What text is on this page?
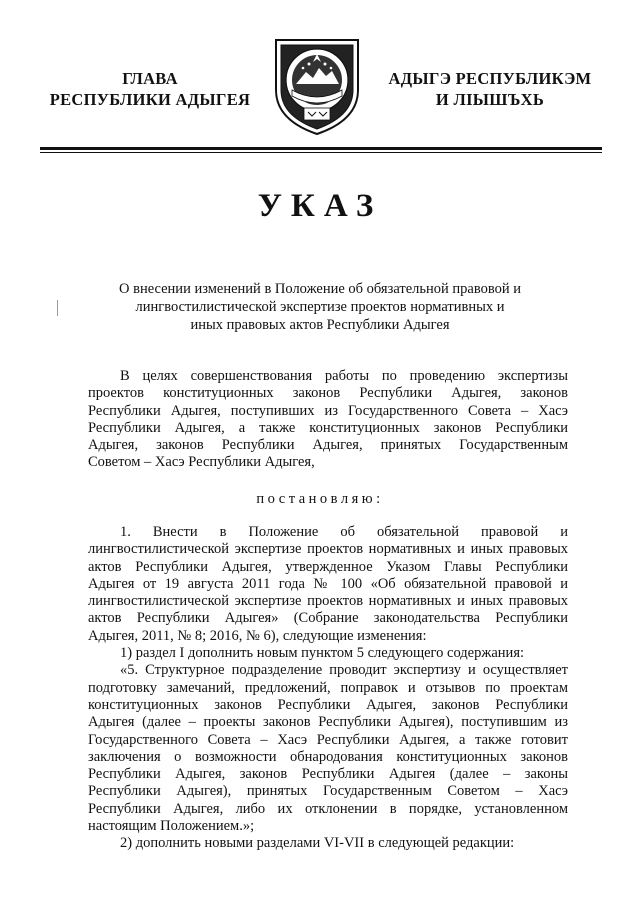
ГЛАВА
РЕСПУБЛИКИ АДЫГЕЯ
АДЫГЭ РЕСПУБЛИКЭМ
И ЛІЫШЪХЬ
УКАЗ
О внесении изменений в Положение об обязательной правовой и
лингвостилистической экспертизе проектов нормативных и
иных правовых актов Республики Адыгея
В целях совершенствования работы по проведению экспертизы
проектов конституционных законов Республики Адыгея, законов
Республики Адыгея, поступивших из Государственного Совета – Хасэ
Республики Адыгея, а также конституционных законов Республики
Адыгея, законов Республики Адыгея, принятых Государственным
Советом – Хасэ Республики Адыгея,
постановляю:
1. Внести в Положение об обязательной правовой и
лингвостилистической экспертизе проектов нормативных и иных правовых
актов Республики Адыгея, утвержденное Указом Главы Республики
Адыгея от 19 августа 2011 года № 100 «Об обязательной правовой и
лингвостилистической экспертизе проектов нормативных и иных правовых
актов Республики Адыгея» (Собрание законодательства Республики
Адыгея, 2011, № 8; 2016, № 6), следующие изменения:
1) раздел I дополнить новым пунктом 5 следующего содержания:
«5. Структурное подразделение проводит экспертизу и осуществляет
подготовку замечаний, предложений, поправок и отзывов по проектам
конституционных законов Республики Адыгея, законов Республики
Адыгея (далее – проекты законов Республики Адыгея), поступившим из
Государственного Совета – Хасэ Республики Адыгея, а также готовит
заключения о возможности обнародования конституционных законов
Республики Адыгея, законов Республики Адыгея (далее – законы
Республики Адыгея), принятых Государственным Советом – Хасэ
Республики Адыгея, либо их отклонении в порядке, установленном
настоящим Положением.»;
2) дополнить новыми разделами VI-VII в следующей редакции:
